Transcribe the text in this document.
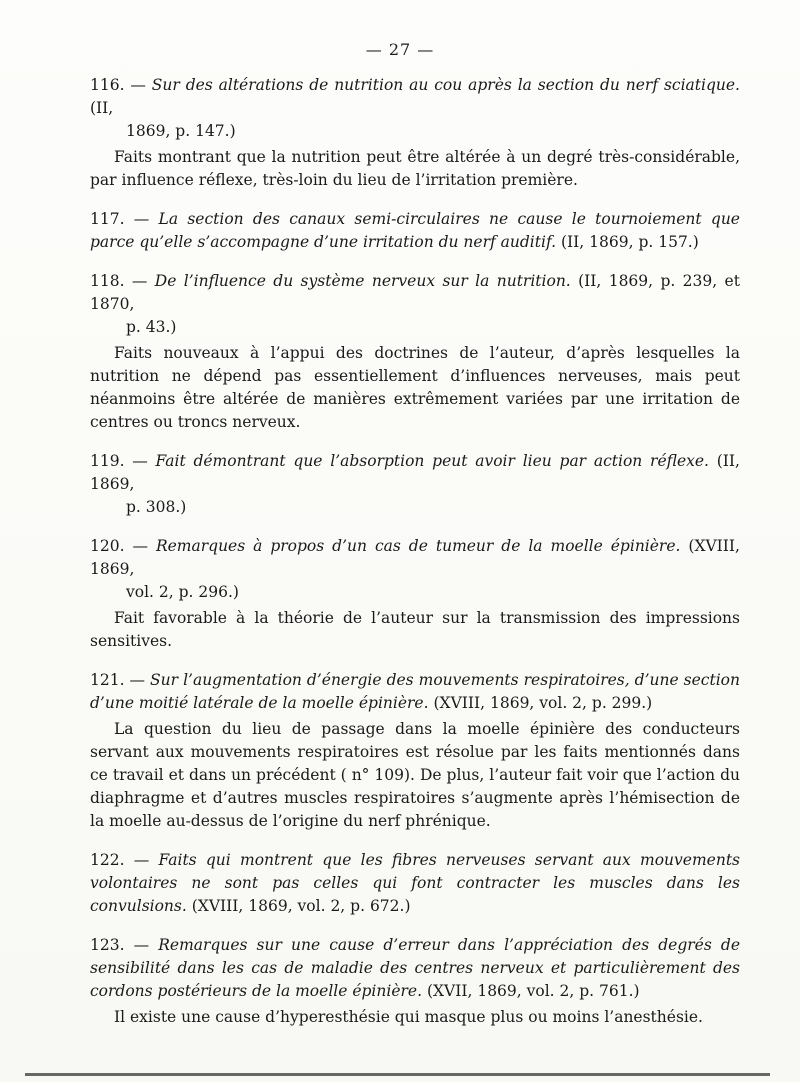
— 27 —

116. — Sur des altérations de nutrition au cou après la section du nerf sciatique. (II,
1869, p. 147.)

Faits montrant que la nutrition peut être altérée à un degré très-considérable, par influence réflexe, très-loin du lieu de l’irritation première.

117. — La section des canaux semi-circulaires ne cause le tournoiement que parce qu’elle s’accompagne d’une irritation du nerf auditif. (II, 1869, p. 157.)

118. — De l’influence du système nerveux sur la nutrition. (II, 1869, p. 239, et 1870,
p. 43.)

Faits nouveaux à l’appui des doctrines de l’auteur, d’après lesquelles la nutrition ne dépend pas essentiellement d’influences nerveuses, mais peut néanmoins être altérée de manières extrêmement variées par une irritation de centres ou troncs nerveux.

119. — Fait démontrant que l’absorption peut avoir lieu par action réflexe. (II, 1869,
p. 308.)

120. — Remarques à propos d’un cas de tumeur de la moelle épinière. (XVIII, 1869,
vol. 2, p. 296.)

Fait favorable à la théorie de l’auteur sur la transmission des impressions sensitives.

121. — Sur l’augmentation d’énergie des mouvements respiratoires, d’une section d’une moitié latérale de la moelle épinière. (XVIII, 1869, vol. 2, p. 299.)

La question du lieu de passage dans la moelle épinière des conducteurs servant aux mouvements respiratoires est résolue par les faits mentionnés dans ce travail et dans un précédent ( n° 109). De plus, l’auteur fait voir que l’action du diaphragme et d’autres muscles respiratoires s’augmente après l’hémisection de la moelle au-dessus de l’origine du nerf phrénique.

122. — Faits qui montrent que les fibres nerveuses servant aux mouvements volontaires ne sont pas celles qui font contracter les muscles dans les convulsions. (XVIII, 1869, vol. 2, p. 672.)

123. — Remarques sur une cause d’erreur dans l’appréciation des degrés de sensibilité dans les cas de maladie des centres nerveux et particulièrement des cordons postérieurs de la moelle épinière. (XVII, 1869, vol. 2, p. 761.)

Il existe une cause d’hyperesthésie qui masque plus ou moins l’anesthésie.
